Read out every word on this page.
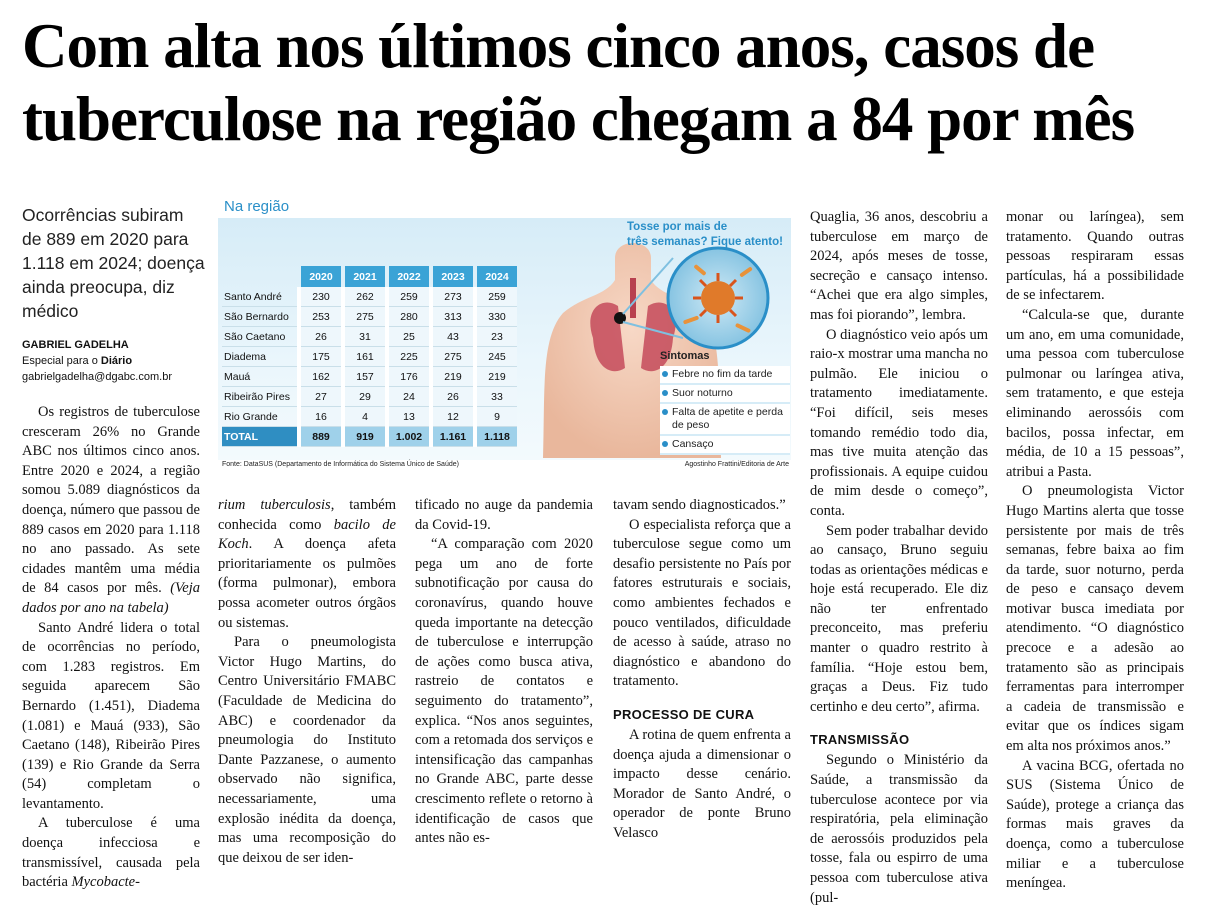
Com alta nos últimos cinco anos, casos de tuberculose na região chegam a 84 por mês

Ocorrências subiram de 889 em 2020 para 1.118 em 2024; doença ainda preocupa, diz médico

GABRIEL GADELHA
Especial para o Diário
gabrielgadelha@dgabc.com.br

Os registros de tuberculose cresceram 26% no Grande ABC nos últimos cinco anos. Entre 2020 e 2024, a região somou 5.089 diagnósticos da doença, número que passou de 889 casos em 2020 para 1.118 no ano passado. As sete cidades mantêm uma média de 84 casos por mês. (Veja dados por ano na tabela)

Santo André lidera o total de ocorrências no período, com 1.283 registros. Em seguida aparecem São Bernardo (1.451), Diadema (1.081) e Mauá (933), São Caetano (148), Ribeirão Pires (139) e Rio Grande da Serra (54) completam o levantamento.

A tuberculose é uma doença infecciosa e transmissível, causada pela bactéria Mycobacte-

Na região
	2020	2021	2022	2023	2024
Santo André	230	262	259	273	259
São Bernardo	253	275	280	313	330
São Caetano	26	31	25	43	23
Diadema	175	161	225	275	245
Mauá	162	157	176	219	219
Ribeirão Pires	27	29	24	26	33
Rio Grande	16	4	13	12	9
TOTAL	889	919	1.002	1.161	1.118
Tosse por mais de
três semanas? Fique atento!
Sintomas
Febre no fim da tarde
Suor noturno
Falta de apetite e perda de peso
Cansaço
Fonte: DataSUS (Departamento de Informática do Sistema Único de Saúde)	Agostinho Frattini/Editoria de Arte

rium tuberculosis, também conhecida como bacilo de Koch. A doença afeta prioritariamente os pulmões (forma pulmonar), embora possa acometer outros órgãos ou sistemas.

Para o pneumologista Victor Hugo Martins, do Centro Universitário FMABC (Faculdade de Medicina do ABC) e coordenador da pneumologia do Instituto Dante Pazzanese, o aumento observado não significa, necessariamente, uma explosão inédita da doença, mas uma recomposição do que deixou de ser iden-

tificado no auge da pandemia da Covid-19.

“A comparação com 2020 pega um ano de forte subnotificação por causa do coronavírus, quando houve queda importante na detecção de tuberculose e interrupção de ações como busca ativa, rastreio de contatos e seguimento do tratamento”, explica. “Nos anos seguintes, com a retomada dos serviços e intensificação das campanhas no Grande ABC, parte desse crescimento reflete o retorno à identificação de casos que antes não es-

tavam sendo diagnosticados.”

O especialista reforça que a tuberculose segue como um desafio persistente no País por fatores estruturais e sociais, como ambientes fechados e pouco ventilados, dificuldade de acesso à saúde, atraso no diagnóstico e abandono do tratamento.

PROCESSO DE CURA

A rotina de quem enfrenta a doença ajuda a dimensionar o impacto desse cenário. Morador de Santo André, o operador de ponte Bruno Velasco

Quaglia, 36 anos, descobriu a tuberculose em março de 2024, após meses de tosse, secreção e cansaço intenso. “Achei que era algo simples, mas foi piorando”, lembra.

O diagnóstico veio após um raio-x mostrar uma mancha no pulmão. Ele iniciou o tratamento imediatamente. “Foi difícil, seis meses tomando remédio todo dia, mas tive muita atenção das profissionais. A equipe cuidou de mim desde o começo”, conta.

Sem poder trabalhar devido ao cansaço, Bruno seguiu todas as orientações médicas e hoje está recuperado. Ele diz não ter enfrentado preconceito, mas preferiu manter o quadro restrito à família. “Hoje estou bem, graças a Deus. Fiz tudo certinho e deu certo”, afirma.

TRANSMISSÃO

Segundo o Ministério da Saúde, a transmissão da tuberculose acontece por via respiratória, pela eliminação de aerossóis produzidos pela tosse, fala ou espirro de uma pessoa com tuberculose ativa (pul-

monar ou laríngea), sem tratamento. Quando outras pessoas respiraram essas partículas, há a possibilidade de se infectarem.

“Calcula-se que, durante um ano, em uma comunidade, uma pessoa com tuberculose pulmonar ou laríngea ativa, sem tratamento, e que esteja eliminando aerossóis com bacilos, possa infectar, em média, de 10 a 15 pessoas”, atribui a Pasta.

O pneumologista Victor Hugo Martins alerta que tosse persistente por mais de três semanas, febre baixa ao fim da tarde, suor noturno, perda de peso e cansaço devem motivar busca imediata por atendimento. “O diagnóstico precoce e a adesão ao tratamento são as principais ferramentas para interromper a cadeia de transmissão e evitar que os índices sigam em alta nos próximos anos.”

A vacina BCG, ofertada no SUS (Sistema Único de Saúde), protege a criança das formas mais graves da doença, como a tuberculose miliar e a tuberculose meníngea.
